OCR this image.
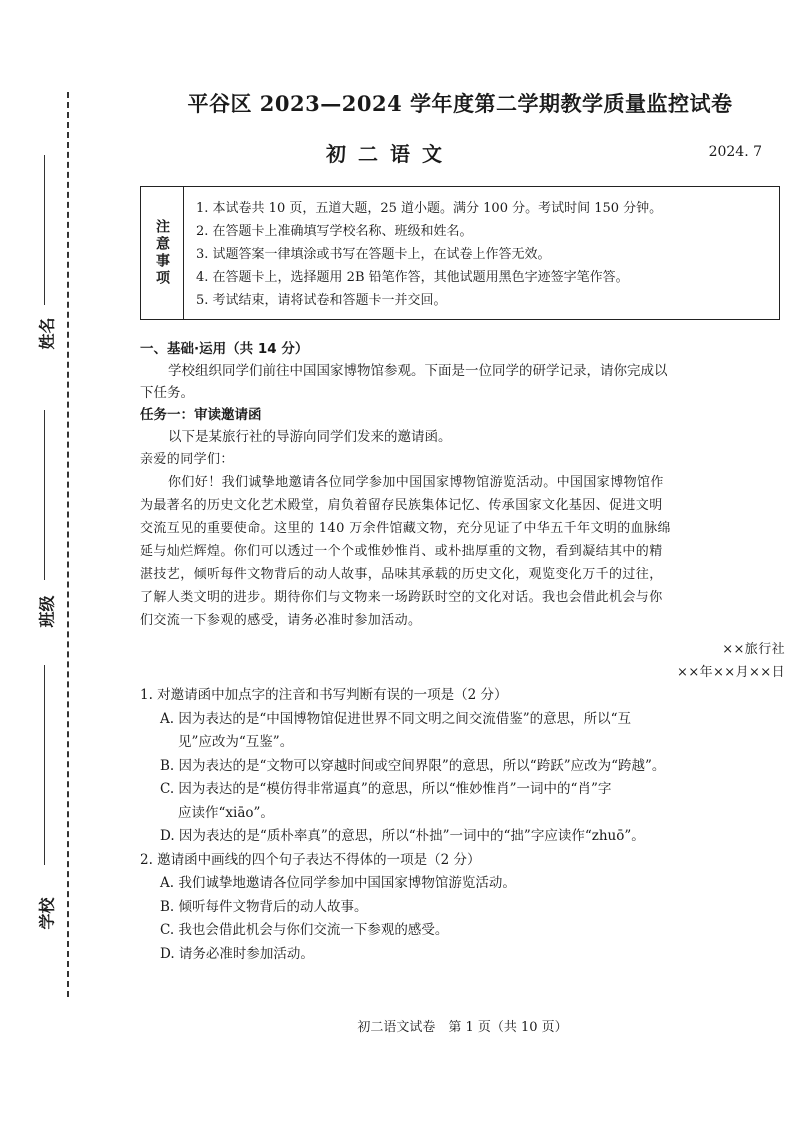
姓名
班级
学校
平谷区 2023—2024 学年度第二学期教学质量监控试卷
初二语文	2024. 7
注意事项
1. 本试卷共 10 页，五道大题，25 道小题。满分 100 分。考试时间 150 分钟。
2. 在答题卡上准确填写学校名称、班级和姓名。
3. 试题答案一律填涂或书写在答题卡上，在试卷上作答无效。
4. 在答题卡上，选择题用 2B 铅笔作答，其他试题用黑色字迹签字笔作答。
5. 考试结束，请将试卷和答题卡一并交回。
一、基础·运用（共 14 分）
学校组织同学们前往中国国家博物馆参观。下面是一位同学的研学记录，请你完成以
下任务。
任务一：审读邀请函
以下是某旅行社的导游向同学们发来的邀请函。
亲爱的同学们：
你们好！我们诚挚地邀请各位同学参加中国国家博物馆游览活动。中国国家博物馆作
为最著名的历史文化艺术殿堂，肩负着留存民族集体记忆、传承国家文化基因、促进文明
交流互见的重要使命。这里的 140 万余件馆藏文物，充分见证了中华五千年文明的血脉绵
延与灿烂辉煌。你们可以透过一个个或惟妙惟肖、或朴拙厚重的文物，看到凝结其中的精
湛技艺，倾听每件文物背后的动人故事，品味其承载的历史文化，观览变化万千的过往，
了解人类文明的进步。期待你们与文物来一场跨跃时空的文化对话。我也会借此机会与你
们交流一下参观的感受，请务必准时参加活动。
××旅行社
××年××月××日
1. 对邀请函中加点字的注音和书写判断有误的一项是（2 分）
A. 因为表达的是“中国博物馆促进世界不同文明之间交流借鉴”的意思，所以“互
见”应改为“互鉴”。
B. 因为表达的是“文物可以穿越时间或空间界限”的意思，所以“跨跃”应改为“跨越”。
C. 因为表达的是“模仿得非常逼真”的意思，所以“惟妙惟肖”一词中的“肖”字
应读作“xiāo”。
D. 因为表达的是“质朴率真”的意思，所以“朴拙”一词中的“拙”字应读作“zhuō”。
2. 邀请函中画线的四个句子表达不得体的一项是（2 分）
A. 我们诚挚地邀请各位同学参加中国国家博物馆游览活动。
B. 倾听每件文物背后的动人故事。
C. 我也会借此机会与你们交流一下参观的感受。
D. 请务必准时参加活动。
初二语文试卷　第 1 页（共 10 页）
